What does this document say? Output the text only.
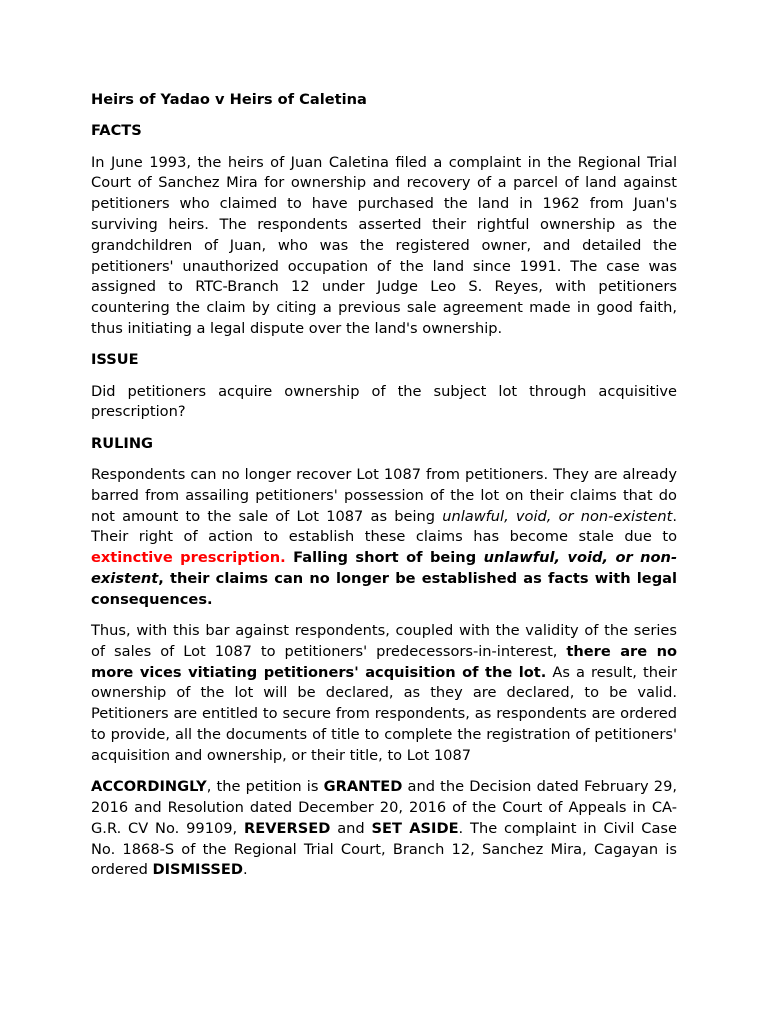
Heirs of Yadao v Heirs of Caletina
FACTS

In June 1993, the heirs of Juan Caletina filed a complaint in the Regional Trial Court of Sanchez Mira for ownership and recovery of a parcel of land against petitioners who claimed to have purchased the land in 1962 from Juan's surviving heirs. The respondents asserted their rightful ownership as the grandchildren of Juan, who was the registered owner, and detailed the petitioners' unauthorized occupation of the land since 1991. The case was assigned to RTC-Branch 12 under Judge Leo S. Reyes, with petitioners countering the claim by citing a previous sale agreement made in good faith, thus initiating a legal dispute over the land's ownership.

ISSUE

Did petitioners acquire ownership of the subject lot through acquisitive prescription?

RULING

Respondents can no longer recover Lot 1087 from petitioners. They are already barred from assailing petitioners' possession of the lot on their claims that do not amount to the sale of Lot 1087 as being unlawful, void, or non-existent. Their right of action to establish these claims has become stale due to extinctive prescription. Falling short of being unlawful, void, or non-existent, their claims can no longer be established as facts with legal consequences.

Thus, with this bar against respondents, coupled with the validity of the series of sales of Lot 1087 to petitioners' predecessors-in-interest, there are no more vices vitiating petitioners' acquisition of the lot. As a result, their ownership of the lot will be declared, as they are declared, to be valid. Petitioners are entitled to secure from respondents, as respondents are ordered to provide, all the documents of title to complete the registration of petitioners' acquisition and ownership, or their title, to Lot 1087

ACCORDINGLY, the petition is GRANTED and the Decision dated February 29, 2016 and Resolution dated December 20, 2016 of the Court of Appeals in CA-G.R. CV No. 99109, REVERSED and SET ASIDE. The complaint in Civil Case No. 1868-S of the Regional Trial Court, Branch 12, Sanchez Mira, Cagayan is ordered DISMISSED.
